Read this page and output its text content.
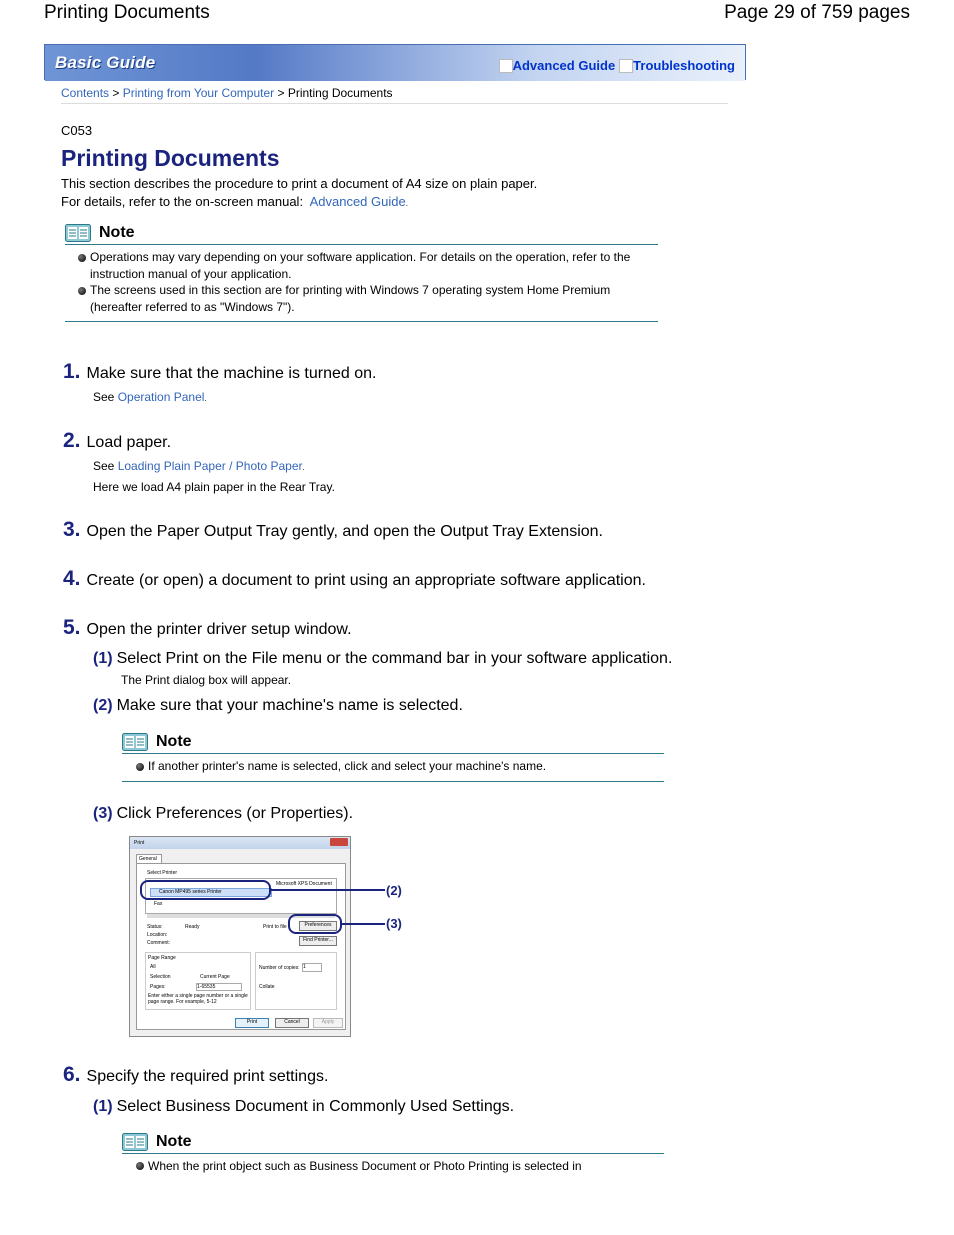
Printing Documents	Page 29 of 759 pages
Basic Guide	Advanced Guide Troubleshooting
Contents > Printing from Your Computer > Printing Documents
C053
Printing Documents
This section describes the procedure to print a document of A4 size on plain paper.
For details, refer to the on-screen manual:  Advanced Guide.
Note
Operations may vary depending on your software application. For details on the operation, refer to the instruction manual of your application.
The screens used in this section are for printing with Windows 7 operating system Home Premium (hereafter referred to as "Windows 7").
1. Make sure that the machine is turned on.
See Operation Panel.
2. Load paper.
See Loading Plain Paper / Photo Paper.
Here we load A4 plain paper in the Rear Tray.
3. Open the Paper Output Tray gently, and open the Output Tray Extension.
4. Create (or open) a document to print using an appropriate software application.
5. Open the printer driver setup window.
(1) Select Print on the File menu or the command bar in your software application.
The Print dialog box will appear.
(2) Make sure that your machine's name is selected.
Note
If another printer's name is selected, click and select your machine's name.
(3) Click Preferences (or Properties).
Print
General
Select Printer
Canon MP495 series Printer
Microsoft XPS Document
Fax
Status:	Ready
Location:
Comment:
Print to file	Preferences
Find Printer...
Page Range
All
Selection	Current Page
Pages:	1-65535
Enter either a single page number or a single page range. For example, 5-12
Number of copies: 1
Collate
Print	Cancel	Apply
(2)
(3)
6. Specify the required print settings.
(1) Select Business Document in Commonly Used Settings.
Note
When the print object such as Business Document or Photo Printing is selected in
